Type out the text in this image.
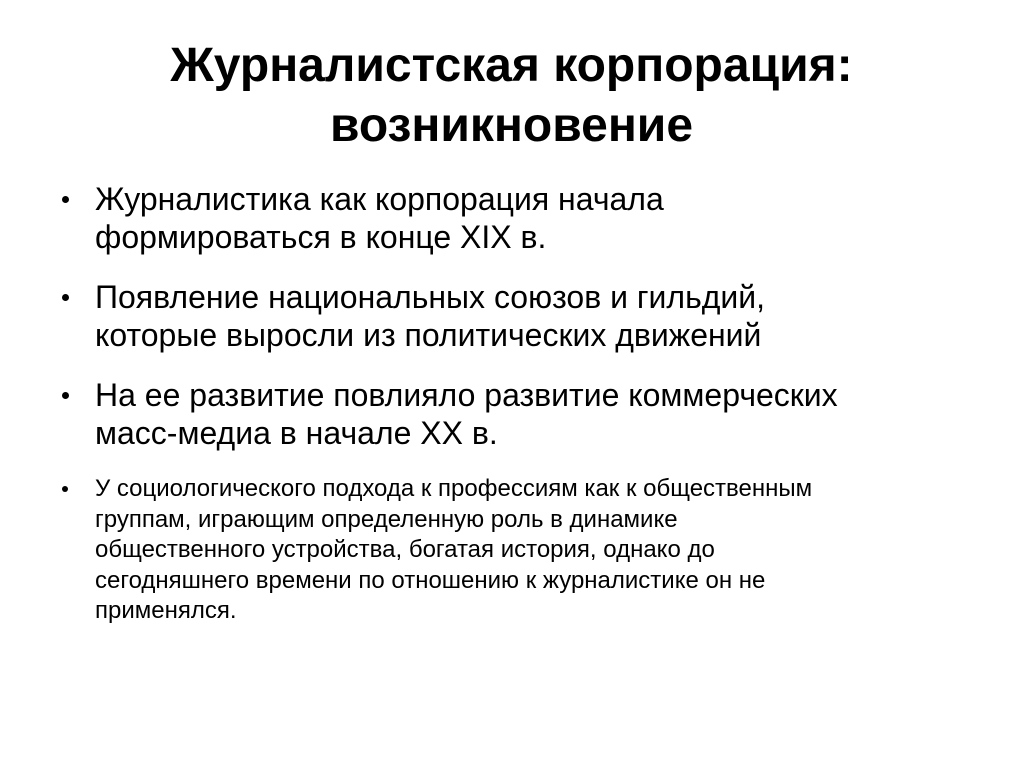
Журналистская корпорация:
возникновение
Журналистика как корпорация начала
формироваться в конце XIX в.
Появление национальных союзов и гильдий,
которые выросли из политических движений
На ее развитие повлияло развитие коммерческих
масс-медиа в начале XX в.
У социологического подхода к профессиям как к общественным
группам, играющим определенную роль в динамике
общественного устройства, богатая история, однако до
сегодняшнего времени по отношению к журналистике он не
применялся.
